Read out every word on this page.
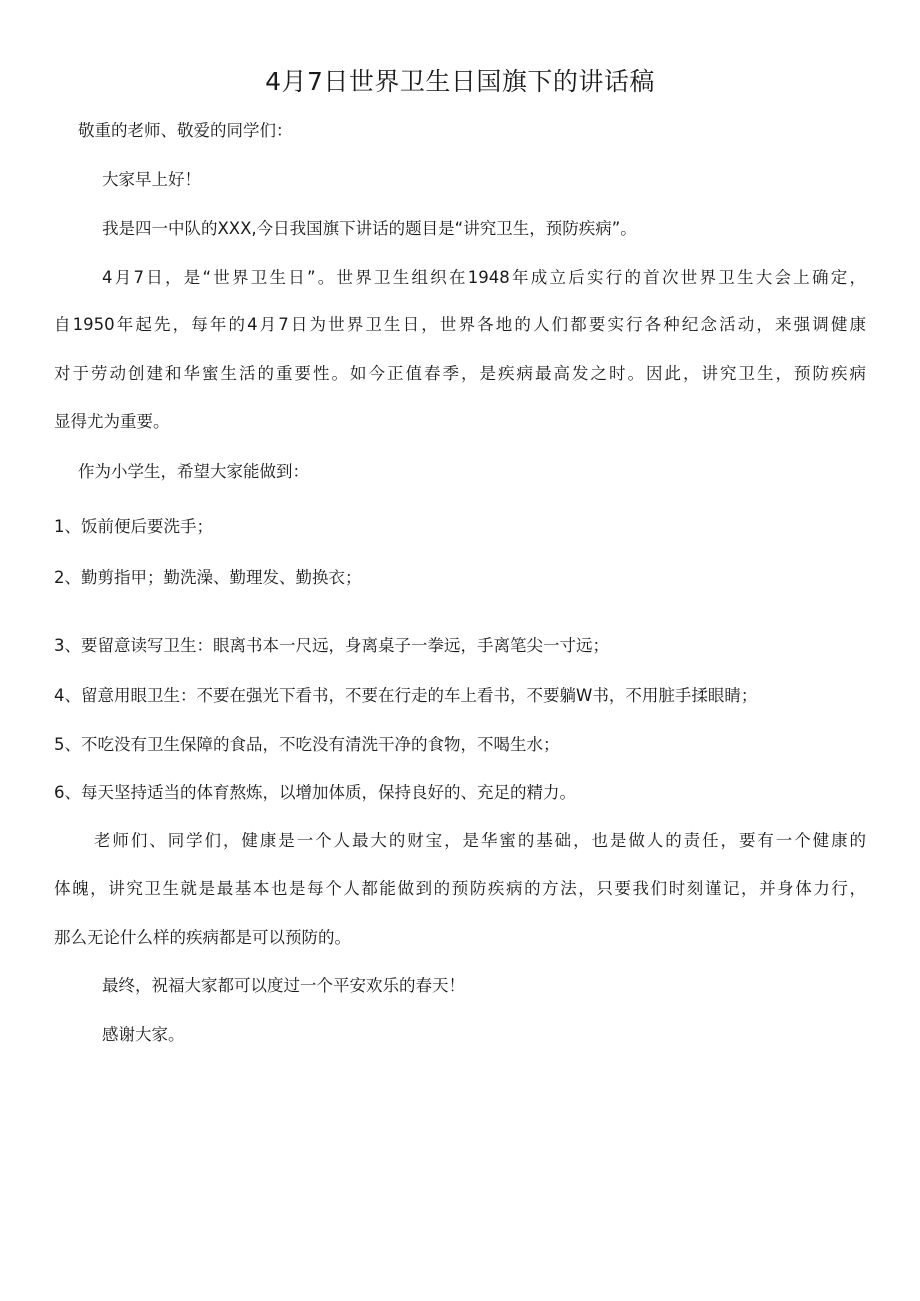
4月7日世界卫生日国旗下的讲话稿
敬重的老师、敬爱的同学们：
大家早上好！
我是四一中队的XXX,今日我国旗下讲话的题目是“讲究卫生，预防疾病”。
4月7日，是“世界卫生日”。世界卫生组织在1948年成立后实行的首次世界卫生大会上确定，
自1950年起先，每年的4月7日为世界卫生日，世界各地的人们都要实行各种纪念活动，来强调健康
对于劳动创建和华蜜生活的重要性。如今正值春季，是疾病最高发之时。因此，讲究卫生，预防疾病
显得尤为重要。
作为小学生，希望大家能做到：
1、饭前便后要洗手；
2、勤剪指甲；勤洗澡、勤理发、勤换衣；
3、要留意读写卫生：眼离书本一尺远，身离桌子一拳远，手离笔尖一寸远；
4、留意用眼卫生：不要在强光下看书，不要在行走的车上看书，不要躺W书，不用脏手揉眼睛；
5、不吃没有卫生保障的食品，不吃没有清洗干净的食物，不喝生水；
6、每天坚持适当的体育熬炼，以增加体质，保持良好的、充足的精力。
老师们、同学们，健康是一个人最大的财宝，是华蜜的基础，也是做人的责任，要有一个健康的
体魄，讲究卫生就是最基本也是每个人都能做到的预防疾病的方法，只要我们时刻谨记，并身体力行，
那么无论什么样的疾病都是可以预防的。
最终，祝福大家都可以度过一个平安欢乐的春天！
感谢大家。
